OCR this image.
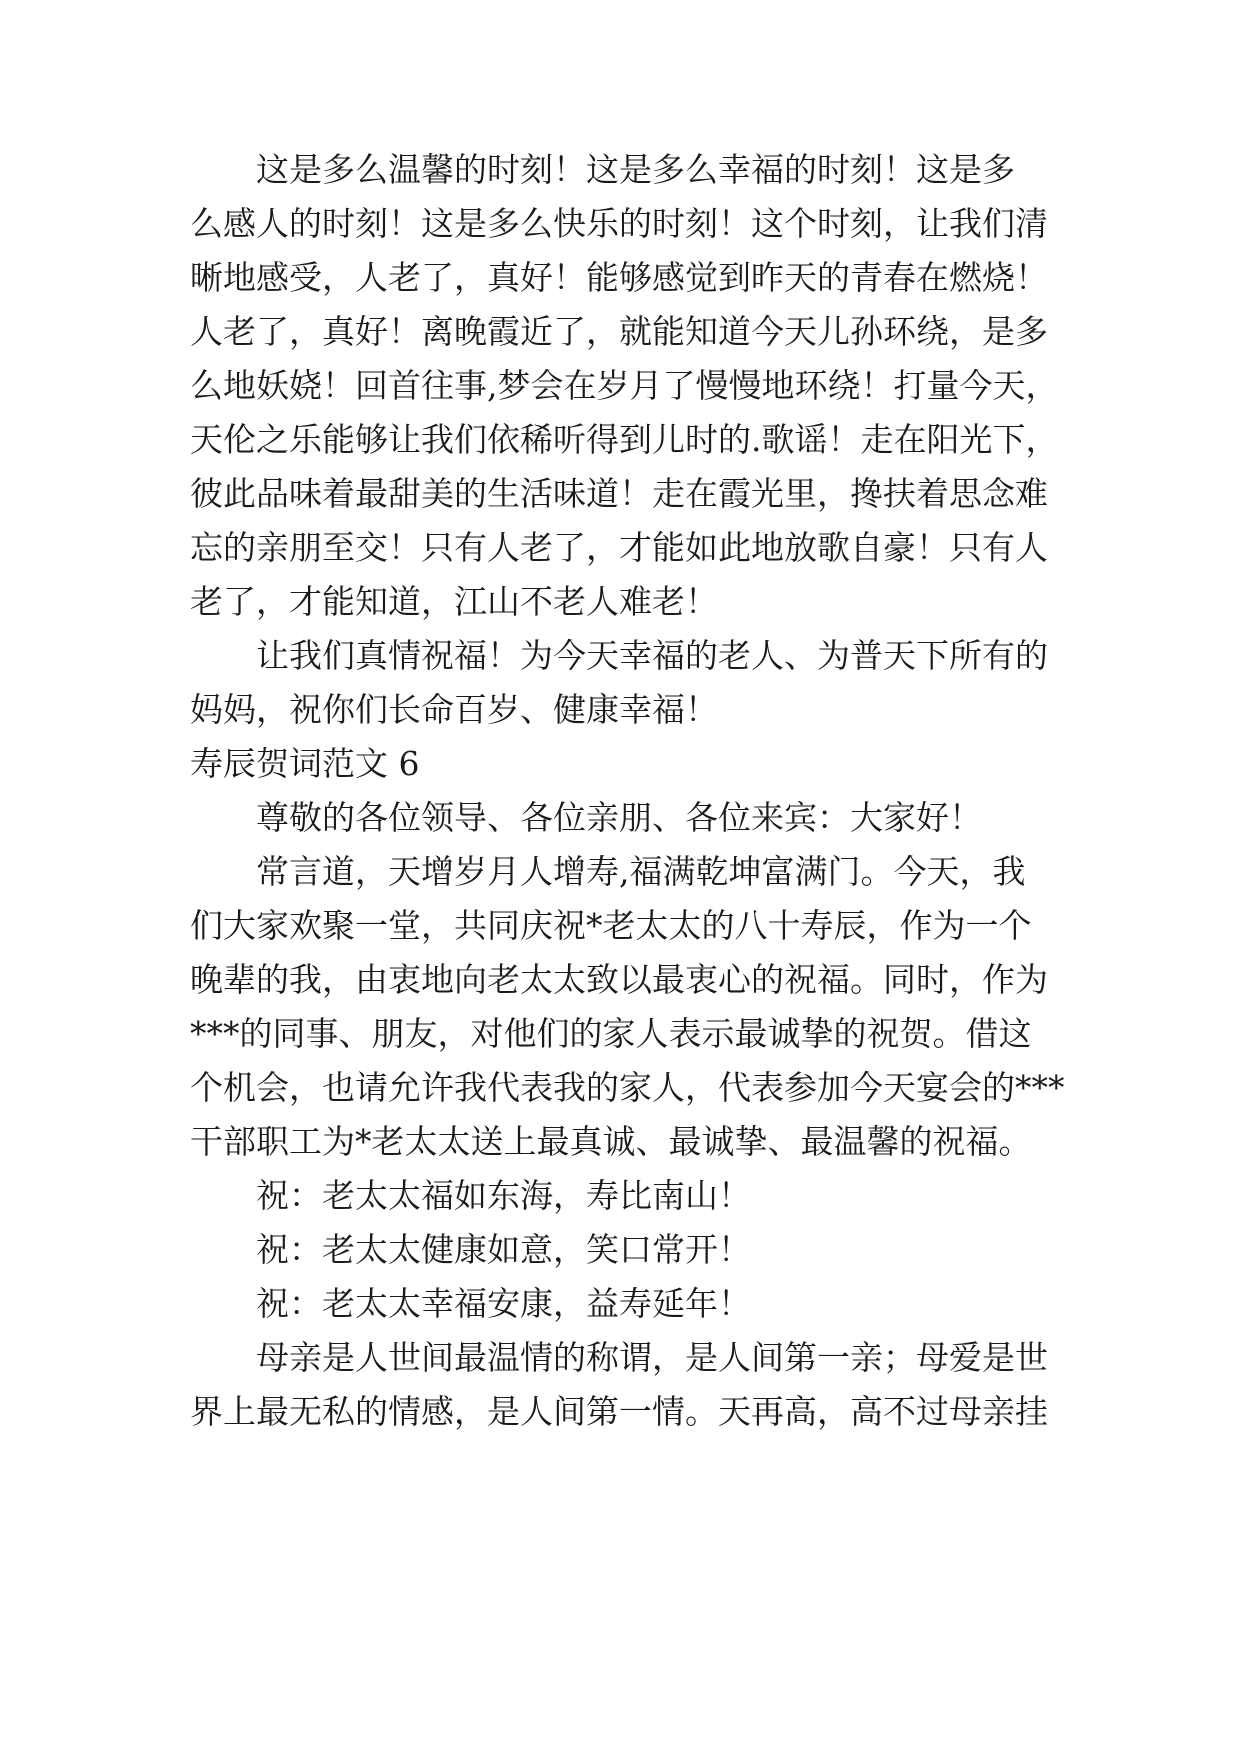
这是多么温馨的时刻！这是多么幸福的时刻！这是多
么感人的时刻！这是多么快乐的时刻！这个时刻，让我们清
晰地感受，人老了，真好！能够感觉到昨天的青春在燃烧！
人老了，真好！离晚霞近了，就能知道今天儿孙环绕，是多
么地妖娆！回首往事,梦会在岁月了慢慢地环绕！打量今天，
天伦之乐能够让我们依稀听得到儿时的.歌谣！走在阳光下，
彼此品味着最甜美的生活味道！走在霞光里，搀扶着思念难
忘的亲朋至交！只有人老了，才能如此地放歌自豪！只有人
老了，才能知道，江山不老人难老！
让我们真情祝福！为今天幸福的老人、为普天下所有的
妈妈，祝你们长命百岁、健康幸福！
寿辰贺词范文 6
尊敬的各位领导、各位亲朋、各位来宾：大家好！
常言道，天增岁月人增寿,福满乾坤富满门。今天，我
们大家欢聚一堂，共同庆祝*老太太的八十寿辰，作为一个
晚辈的我，由衷地向老太太致以最衷心的祝福。同时，作为
***的同事、朋友，对他们的家人表示最诚挚的祝贺。借这
个机会，也请允许我代表我的家人，代表参加今天宴会的***
干部职工为*老太太送上最真诚、最诚挚、最温馨的祝福。
祝：老太太福如东海，寿比南山！
祝：老太太健康如意，笑口常开！
祝：老太太幸福安康，益寿延年！
母亲是人世间最温情的称谓，是人间第一亲；母爱是世
界上最无私的情感，是人间第一情。天再高，高不过母亲挂
